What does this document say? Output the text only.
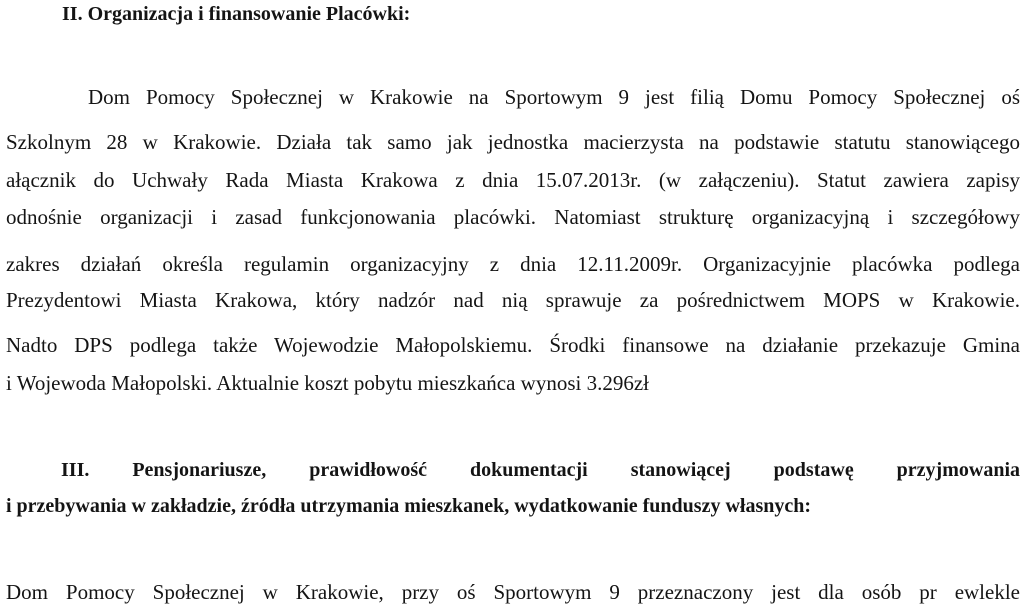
II. Organizacja i finansowanie Placówki:
Dom Pomocy Społecznej w Krakowie na Sportowym 9 jest filią Domu Pomocy Społecznej oś
Szkolnym 28 w Krakowie. Działa tak samo jak jednostka macierzysta na podstawie statutu stanowiącego
ałącznik do Uchwały Rada Miasta Krakowa z dnia 15.07.2013r. (w załączeniu). Statut zawiera zapisy
odnośnie organizacji i zasad funkcjonowania placówki. Natomiast strukturę organizacyjną i szczegółowy
zakres działań określa regulamin organizacyjny z dnia 12.11.2009r. Organizacyjnie placówka podlega
Prezydentowi Miasta Krakowa, który nadzór nad nią sprawuje za pośrednictwem MOPS w Krakowie.
Nadto DPS podlega także Wojewodzie Małopolskiemu. Środki finansowe na działanie przekazuje Gmina
i Wojewoda Małopolski. Aktualnie koszt pobytu mieszkańca wynosi 3.296zł
III. Pensjonariusze, prawidłowość dokumentacji stanowiącej podstawę przyjmowania
i przebywania w zakładzie, źródła utrzymania mieszkanek, wydatkowanie funduszy własnych:
Dom Pomocy Społecznej w Krakowie, przy oś Sportowym 9 przeznaczony jest dla osób pr ewlekle
